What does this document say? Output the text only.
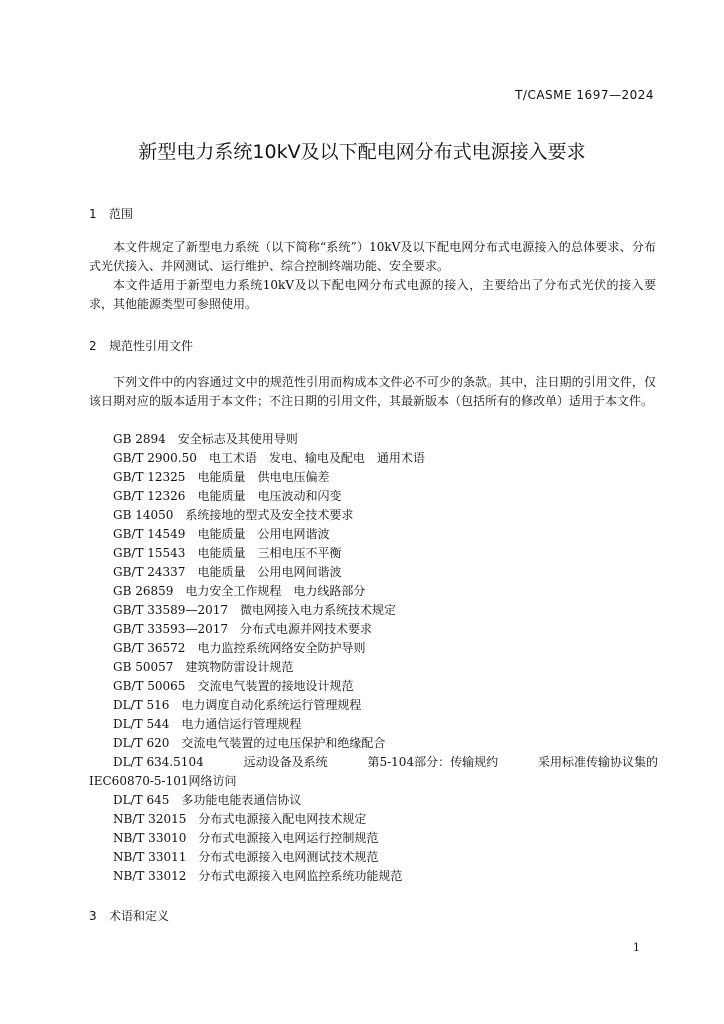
T/CASME 1697—2024
新型电力系统10kV及以下配电网分布式电源接入要求
1 范围
本文件规定了新型电力系统（以下简称“系统”）10kV及以下配电网分布式电源接入的总体要求、分布式光伏接入、并网测试、运行维护、综合控制终端功能、安全要求。
本文件适用于新型电力系统10kV及以下配电网分布式电源的接入，主要给出了分布式光伏的接入要求，其他能源类型可参照使用。
2 规范性引用文件
下列文件中的内容通过文中的规范性引用而构成本文件必不可少的条款。其中，注日期的引用文件，仅该日期对应的版本适用于本文件；不注日期的引用文件，其最新版本（包括所有的修改单）适用于本文件。
GB 2894 安全标志及其使用导则
GB/T 2900.50 电工术语　发电、输电及配电　通用术语
GB/T 12325 电能质量　供电电压偏差
GB/T 12326 电能质量　电压波动和闪变
GB 14050 系统接地的型式及安全技术要求
GB/T 14549 电能质量　公用电网谐波
GB/T 15543 电能质量　三相电压不平衡
GB/T 24337 电能质量　公用电网间谐波
GB 26859 电力安全工作规程　电力线路部分
GB/T 33589—2017 微电网接入电力系统技术规定
GB/T 33593—2017 分布式电源并网技术要求
GB/T 36572 电力监控系统网络安全防护导则
GB 50057 建筑物防雷设计规范
GB/T 50065 交流电气装置的接地设计规范
DL/T 516 电力调度自动化系统运行管理规程
DL/T 544 电力通信运行管理规程
DL/T 620 交流电气装置的过电压保护和绝缘配合
DL/T 634.5104	远动设备及系统	第5-104部分：传输规约	采用标准传输协议集的
IEC60870-5-101网络访问
DL/T 645 多功能电能表通信协议
NB/T 32015 分布式电源接入配电网技术规定
NB/T 33010 分布式电源接入电网运行控制规范
NB/T 33011 分布式电源接入电网测试技术规范
NB/T 33012 分布式电源接入电网监控系统功能规范
3 术语和定义
1
